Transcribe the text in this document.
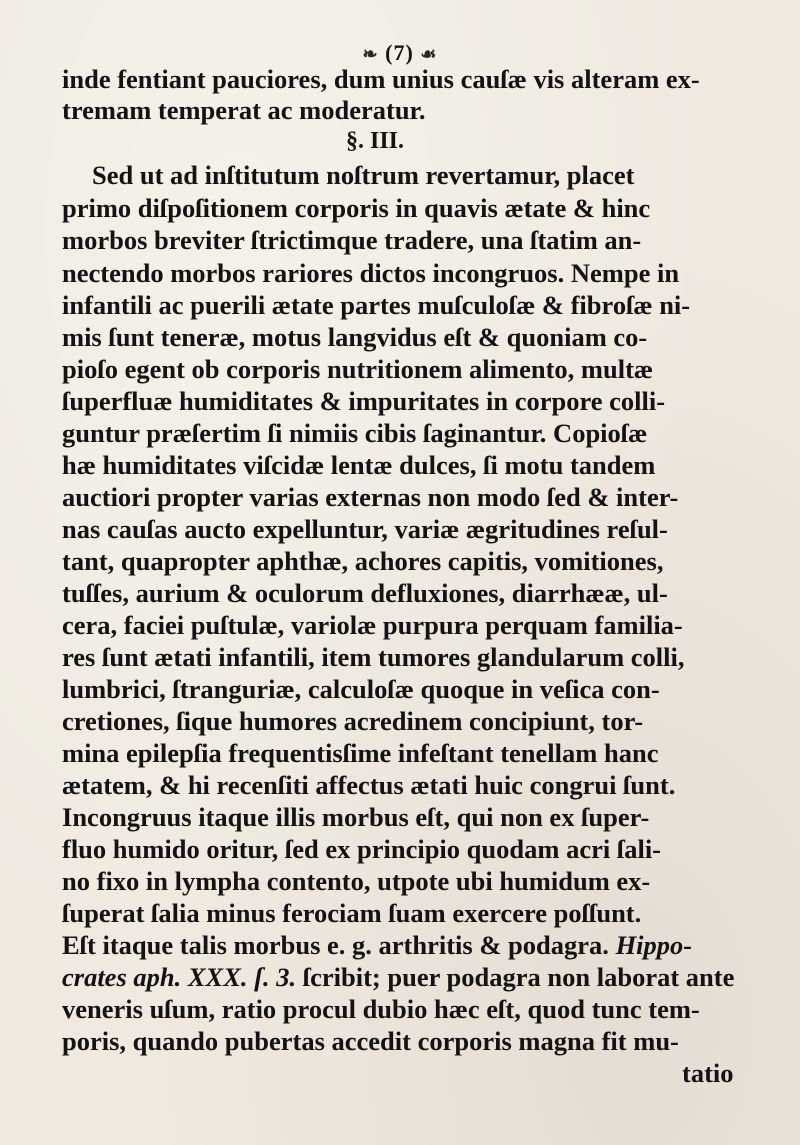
❧ (7) ☙
§. III.
inde fentiant pauciores, dum unius cauſæ vis alteram ex-
tremam temperat ac moderatur.
Sed ut ad inſtitutum noſtrum revertamur, placet
primo diſpoſitionem corporis in quavis ætate & hinc
morbos breviter ſtrictimque tradere, una ſtatim an-
nectendo morbos rariores dictos incongruos. Nempe in
infantili ac puerili ætate partes muſculoſæ & fibroſæ ni-
mis ſunt teneræ, motus langvidus eſt & quoniam co-
pioſo egent ob corporis nutritionem alimento, multæ
ſuperfluæ humiditates & impuritates in corpore colli-
guntur præſertim ſi nimiis cibis ſaginantur. Copioſæ
hæ humiditates viſcidæ lentæ dulces, ſi motu tandem
auctiori propter varias externas non modo ſed & inter-
nas cauſas aucto expelluntur, variæ ægritudines reſul-
tant, quapropter aphthæ, achores capitis, vomitiones,
tuſſes, aurium & oculorum defluxiones, diarrhææ, ul-
cera, faciei puſtulæ, variolæ purpura perquam familia-
res ſunt ætati infantili, item tumores glandularum colli,
lumbrici, ſtranguriæ, calculoſæ quoque in veſica con-
cretiones, ſique humores acredinem concipiunt, tor-
mina epilepſia frequentisſime infeſtant tenellam hanc
ætatem, & hi recenſiti affectus ætati huic congrui ſunt.
Incongruus itaque illis morbus eſt, qui non ex ſuper-
fluo humido oritur, ſed ex principio quodam acri ſali-
no fixo in lympha contento, utpote ubi humidum ex-
ſuperat ſalia minus ferociam ſuam exercere poſſunt.
Eſt itaque talis morbus e. g. arthritis & podagra. Hippo-
crates aph. XXX. ſ. 3. ſcribit; puer podagra non laborat ante
veneris uſum, ratio procul dubio hæc eſt, quod tunc tem-
poris, quando pubertas accedit corporis magna fit mu-
tatio
